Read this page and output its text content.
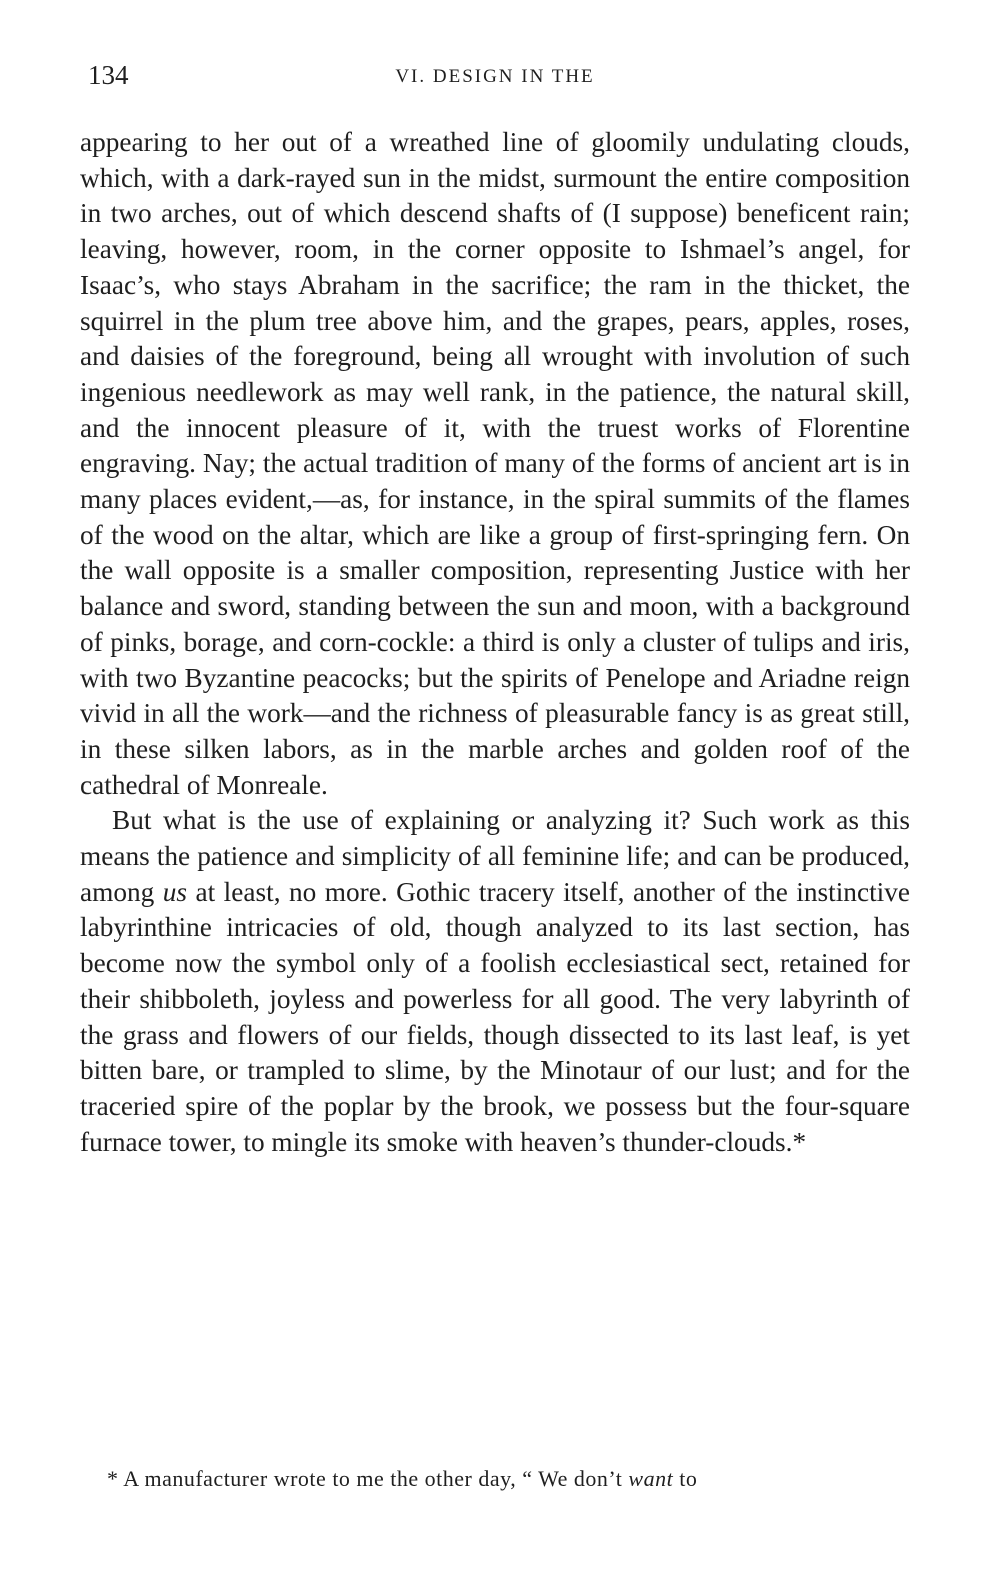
134	VI. DESIGN IN THE

appearing to her out of a wreathed line of gloomily undulating clouds, which, with a dark-rayed sun in the midst, surmount the entire composition in two arches, out of which descend shafts of (I suppose) beneficent rain; leaving, however, room, in the corner opposite to Ishmael’s angel, for Isaac’s, who stays Abraham in the sacrifice; the ram in the thicket, the squirrel in the plum tree above him, and the grapes, pears, apples, roses, and daisies of the foreground, being all wrought with involution of such ingenious needlework as may well rank, in the patience, the natural skill, and the innocent pleasure of it, with the truest works of Florentine engraving. Nay; the actual tradition of many of the forms of ancient art is in many places evident,—as, for instance, in the spiral summits of the flames of the wood on the altar, which are like a group of first-springing fern. On the wall opposite is a smaller composition, representing Justice with her balance and sword, standing between the sun and moon, with a background of pinks, borage, and corn-cockle: a third is only a cluster of tulips and iris, with two Byzantine peacocks; but the spirits of Penelope and Ariadne reign vivid in all the work—and the richness of pleasurable fancy is as great still, in these silken labors, as in the marble arches and golden roof of the cathedral of Monreale.

But what is the use of explaining or analyzing it? Such work as this means the patience and simplicity of all feminine life; and can be produced, among us at least, no more. Gothic tracery itself, another of the instinctive labyrinthine intricacies of old, though analyzed to its last section, has become now the symbol only of a foolish ecclesiastical sect, retained for their shibboleth, joyless and powerless for all good. The very labyrinth of the grass and flowers of our fields, though dissected to its last leaf, is yet bitten bare, or trampled to slime, by the Minotaur of our lust; and for the traceried spire of the poplar by the brook, we possess but the four-square furnace tower, to mingle its smoke with heaven’s thunder-clouds.*

* A manufacturer wrote to me the other day, “ We don’t want to
